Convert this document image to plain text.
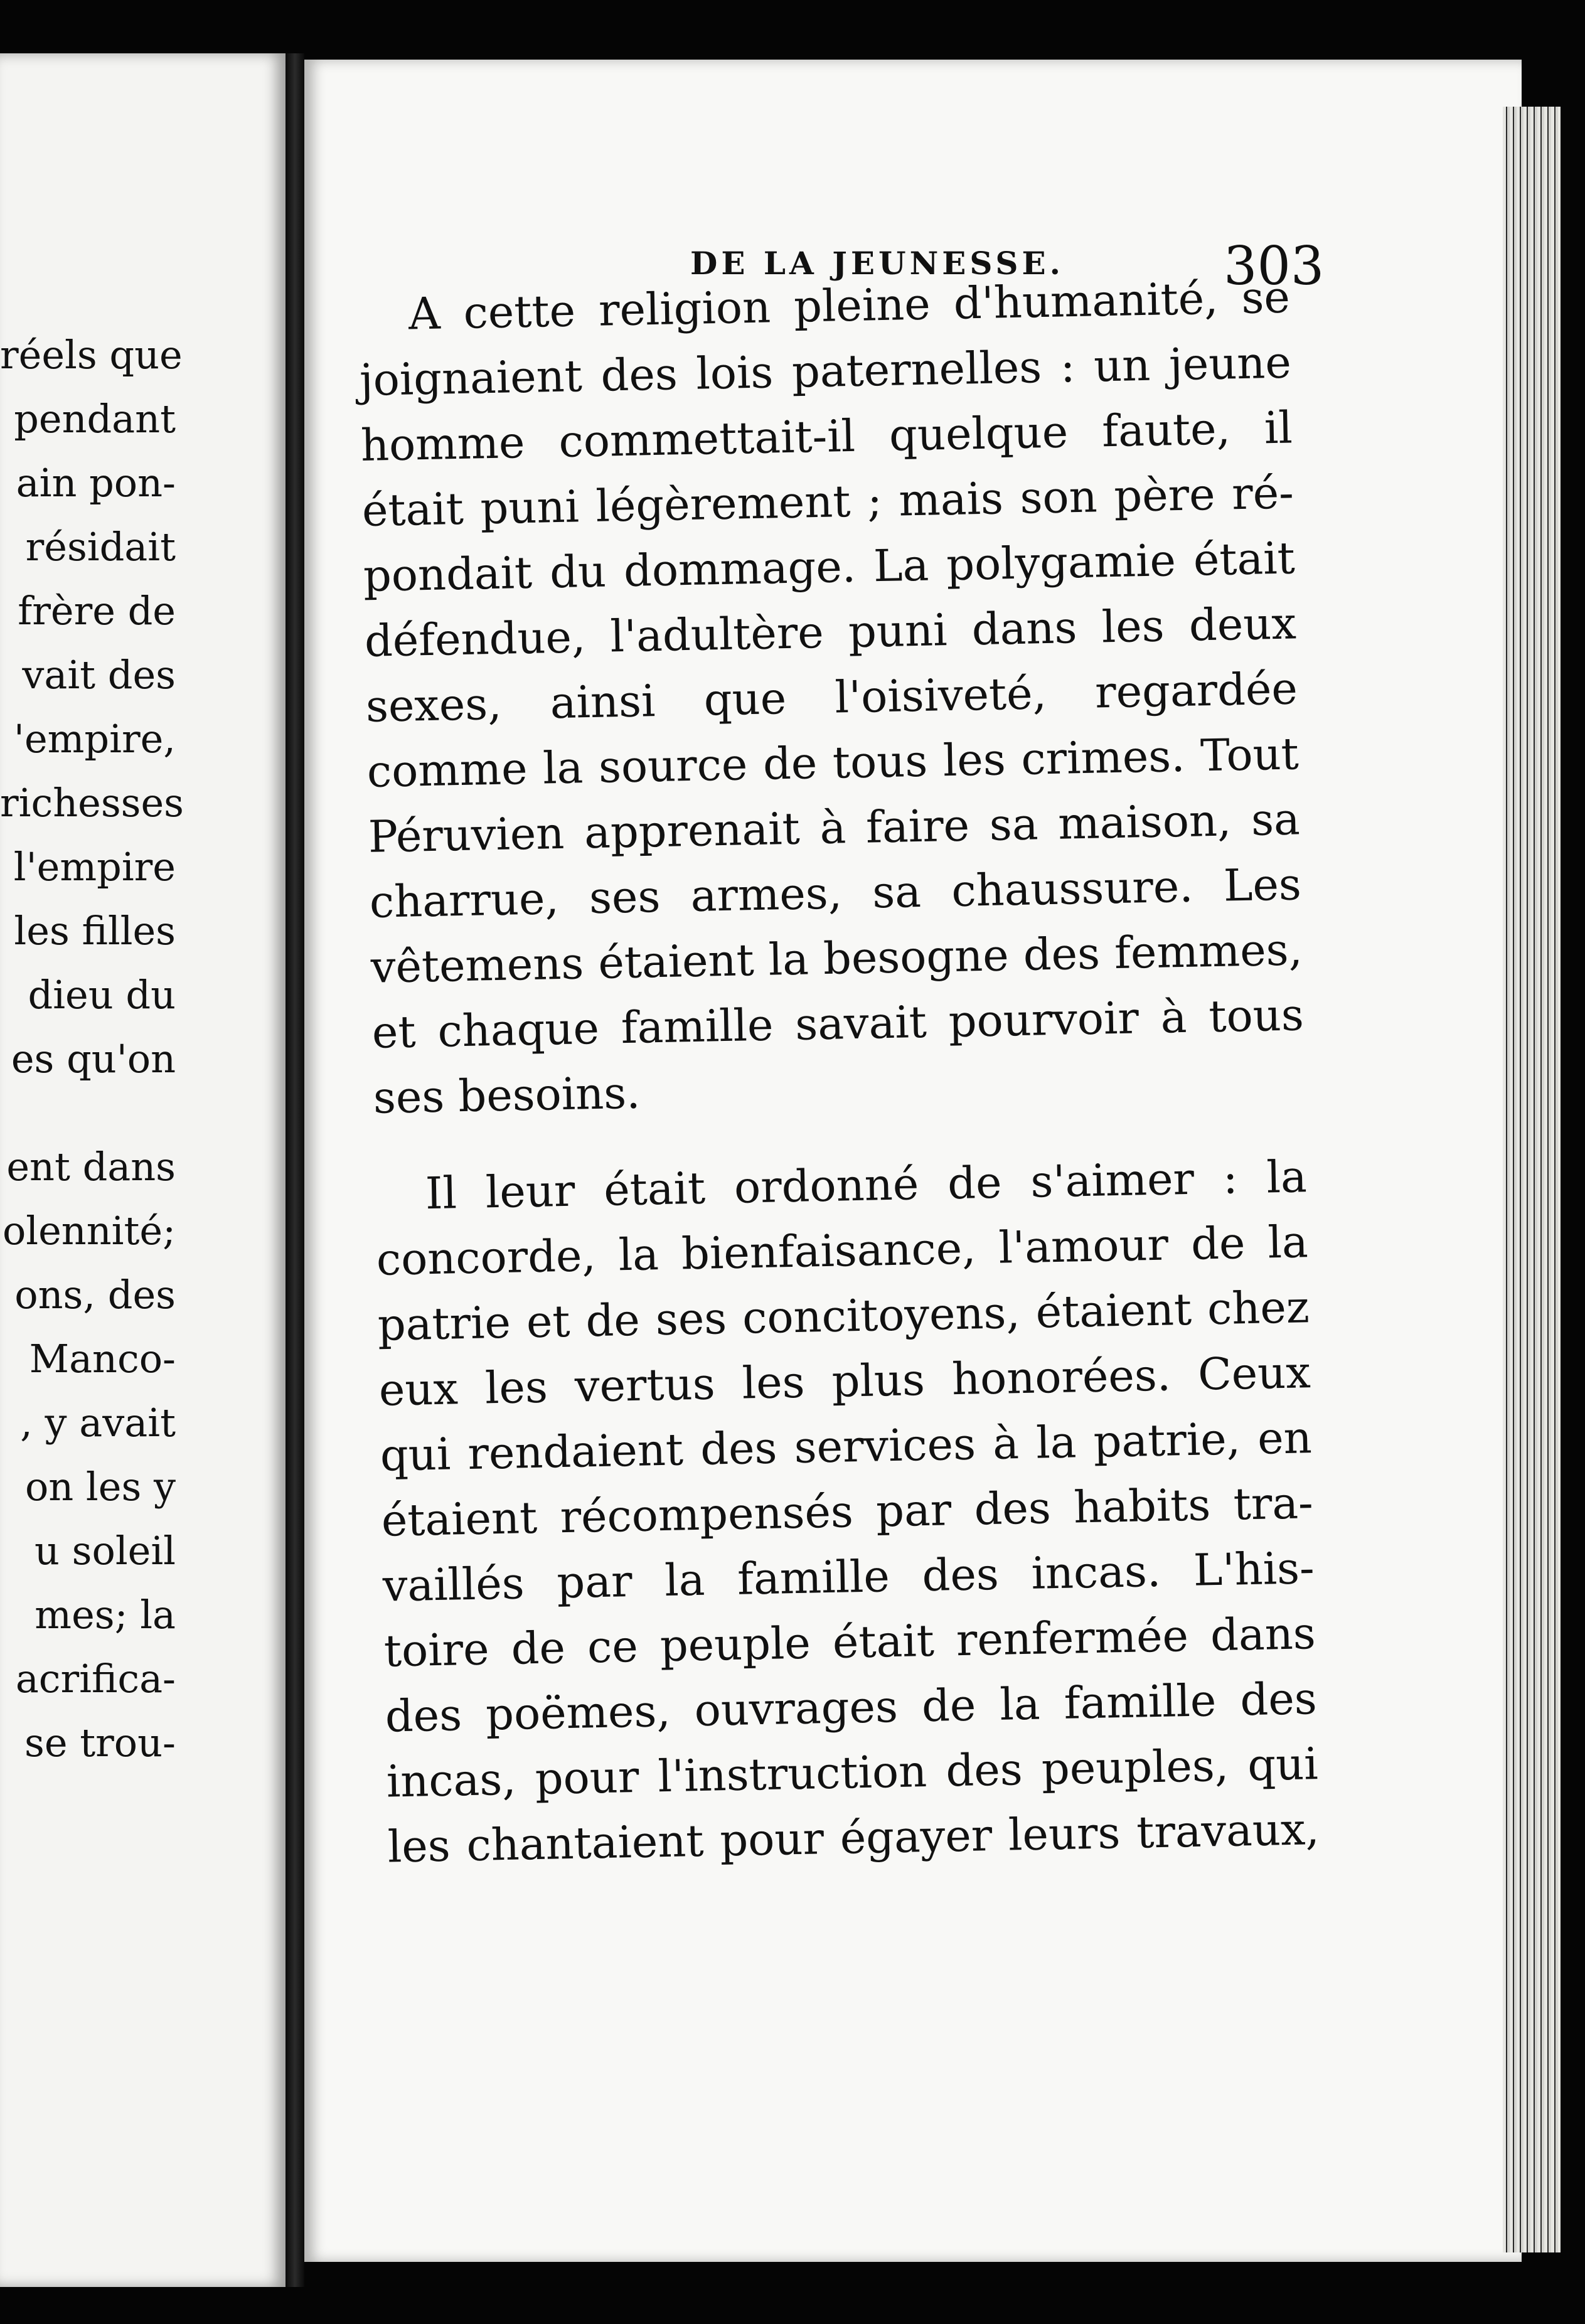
réels que
pendant
ain pon-
résidait
frère de
vait des
'empire,
richesses
l'empire
les filles
dieu du
es qu'on
ent dans
olennité;
ons, des
Manco-
, y avait
on les y
u soleil
mes; la
acrifica-
se trou-
DE LA JEUNESSE.	303
A cette religion pleine d'humanité, se
joignaient des lois paternelles : un jeune
homme commettait-il quelque faute, il
était puni légèrement ; mais son père ré-
pondait du dommage. La polygamie était
défendue, l'adultère puni dans les deux
sexes, ainsi que l'oisiveté, regardée
comme la source de tous les crimes. Tout
Péruvien apprenait à faire sa maison, sa
charrue, ses armes, sa chaussure. Les
vêtemens étaient la besogne des femmes,
et chaque famille savait pourvoir à tous
ses besoins.
Il leur était ordonné de s'aimer : la
concorde, la bienfaisance, l'amour de la
patrie et de ses concitoyens, étaient chez
eux les vertus les plus honorées. Ceux
qui rendaient des services à la patrie, en
étaient récompensés par des habits tra-
vaillés par la famille des incas. L'his-
toire de ce peuple était renfermée dans
des poëmes, ouvrages de la famille des
incas, pour l'instruction des peuples, qui
les chantaient pour égayer leurs travaux,
